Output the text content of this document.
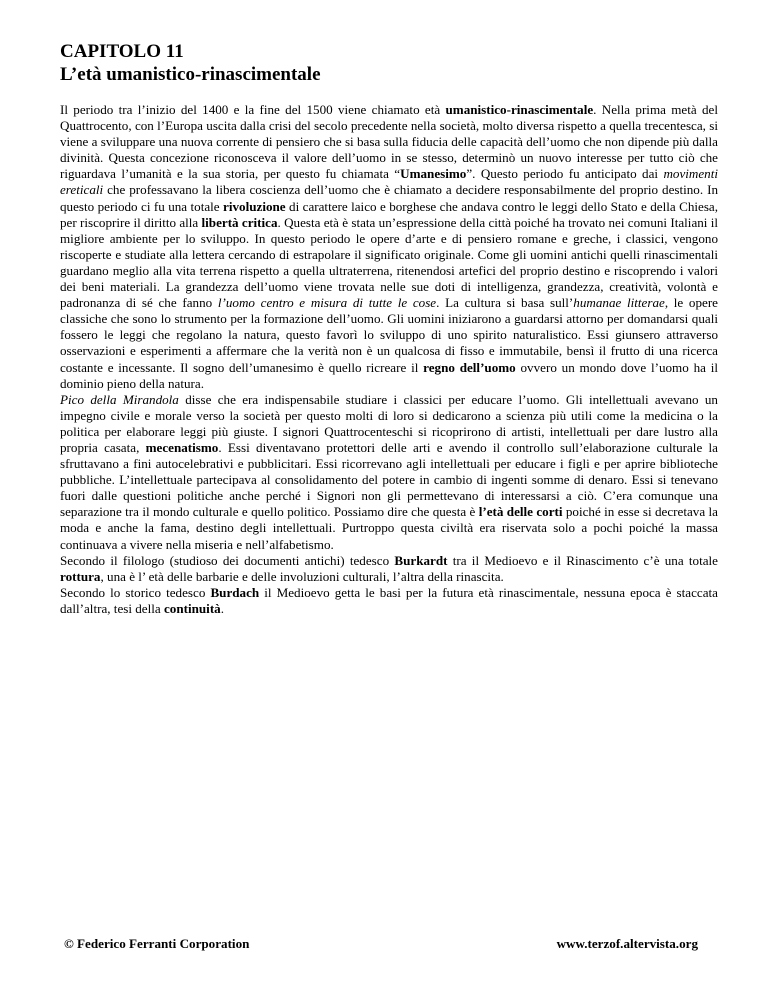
CAPITOLO 11
L’età umanistico-rinascimentale

Il periodo tra l’inizio del 1400 e la fine del 1500 viene chiamato età umanistico-rinascimentale. Nella prima metà del Quattrocento, con l’Europa uscita dalla crisi del secolo precedente nella società, molto diversa rispetto a quella trecentesca, si viene a sviluppare una nuova corrente di pensiero che si basa sulla fiducia delle capacità dell’uomo che non dipende più dalla divinità. Questa concezione riconosceva il valore dell’uomo in se stesso, determinò un nuovo interesse per tutto ciò che riguardava l’umanità e la sua storia, per questo fu chiamata “Umanesimo”. Questo periodo fu anticipato dai movimenti ereticali che professavano la libera coscienza dell’uomo che è chiamato a decidere responsabilmente del proprio destino. In questo periodo ci fu una totale rivoluzione di carattere laico e borghese che andava contro le leggi dello Stato e della Chiesa, per riscoprire il diritto alla libertà critica. Questa età è stata un’espressione della città poiché ha trovato nei comuni Italiani il migliore ambiente per lo sviluppo. In questo periodo le opere d’arte e di pensiero romane e greche, i classici, vengono riscoperte e studiate alla lettera cercando di estrapolare il significato originale. Come gli uomini antichi quelli rinascimentali guardano meglio alla vita terrena rispetto a quella ultraterrena, ritenendosi artefici del proprio destino e riscoprendo i valori dei beni materiali. La grandezza dell’uomo viene trovata nelle sue doti di intelligenza, grandezza, creatività, volontà e padronanza di sé che fanno l’uomo centro e misura di tutte le cose. La cultura si basa sull’humanae litterae, le opere classiche che sono lo strumento per la formazione dell’uomo. Gli uomini iniziarono a guardarsi attorno per domandarsi quali fossero le leggi che regolano la natura, questo favorì lo sviluppo di uno spirito naturalistico. Essi giunsero attraverso osservazioni e esperimenti a affermare che la verità non è un qualcosa di fisso e immutabile, bensì il frutto di una ricerca costante e incessante. Il sogno dell’umanesimo è quello ricreare il regno dell’uomo ovvero un mondo dove l’uomo ha il dominio pieno della natura.

Pico della Mirandola disse che era indispensabile studiare i classici per educare l’uomo. Gli intellettuali avevano un impegno civile e morale verso la società per questo molti di loro si dedicarono a scienza più utili come la medicina o la politica per elaborare leggi più giuste. I signori Quattrocenteschi si ricoprirono di artisti, intellettuali per dare lustro alla propria casata, mecenatismo. Essi diventavano protettori delle arti e avendo il controllo sull’elaborazione culturale la sfruttavano a fini autocelebrativi e pubblicitari. Essi ricorrevano agli intellettuali per educare i figli e per aprire biblioteche pubbliche. L’intellettuale partecipava al consolidamento del potere in cambio di ingenti somme di denaro. Essi si tenevano fuori dalle questioni politiche anche perché i Signori non gli permettevano di interessarsi a ciò. C’era comunque una separazione tra il mondo culturale e quello politico. Possiamo dire che questa è l’età delle corti poiché in esse si decretava la moda e anche la fama, destino degli intellettuali. Purtroppo questa civiltà era riservata solo a pochi poiché la massa continuava a vivere nella miseria e nell’alfabetismo.

Secondo il filologo (studioso dei documenti antichi) tedesco Burkardt tra il Medioevo e il Rinascimento c’è una totale rottura, una è l’ età delle barbarie e delle involuzioni culturali, l’altra della rinascita.

Secondo lo storico tedesco Burdach il Medioevo getta le basi per la futura età rinascimentale, nessuna epoca è staccata dall’altra, tesi della continuità.

© Federico Ferranti Corporation	www.terzof.altervista.org
